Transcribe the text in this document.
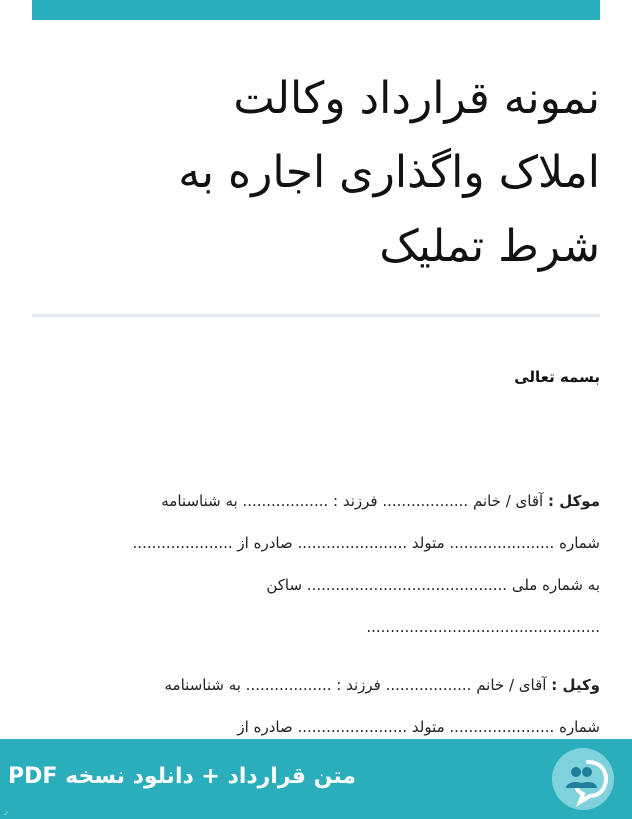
نمونه قرارداد وکالت
املاک واگذاری اجاره به
شرط تملیک
بسمه تعالی
موکل : آقای / خانم .................. فرزند : .................. به شناسنامه
شماره ...................... متولد ....................... صادره از .....................
به شماره ملی .......................................... ساکن
.................................................
وکیل : آقای / خانم .................. فرزند : .................. به شناسنامه
شماره ...................... متولد ....................... صادره از
متن قرارداد + دانلود نسخه PDF
ر
